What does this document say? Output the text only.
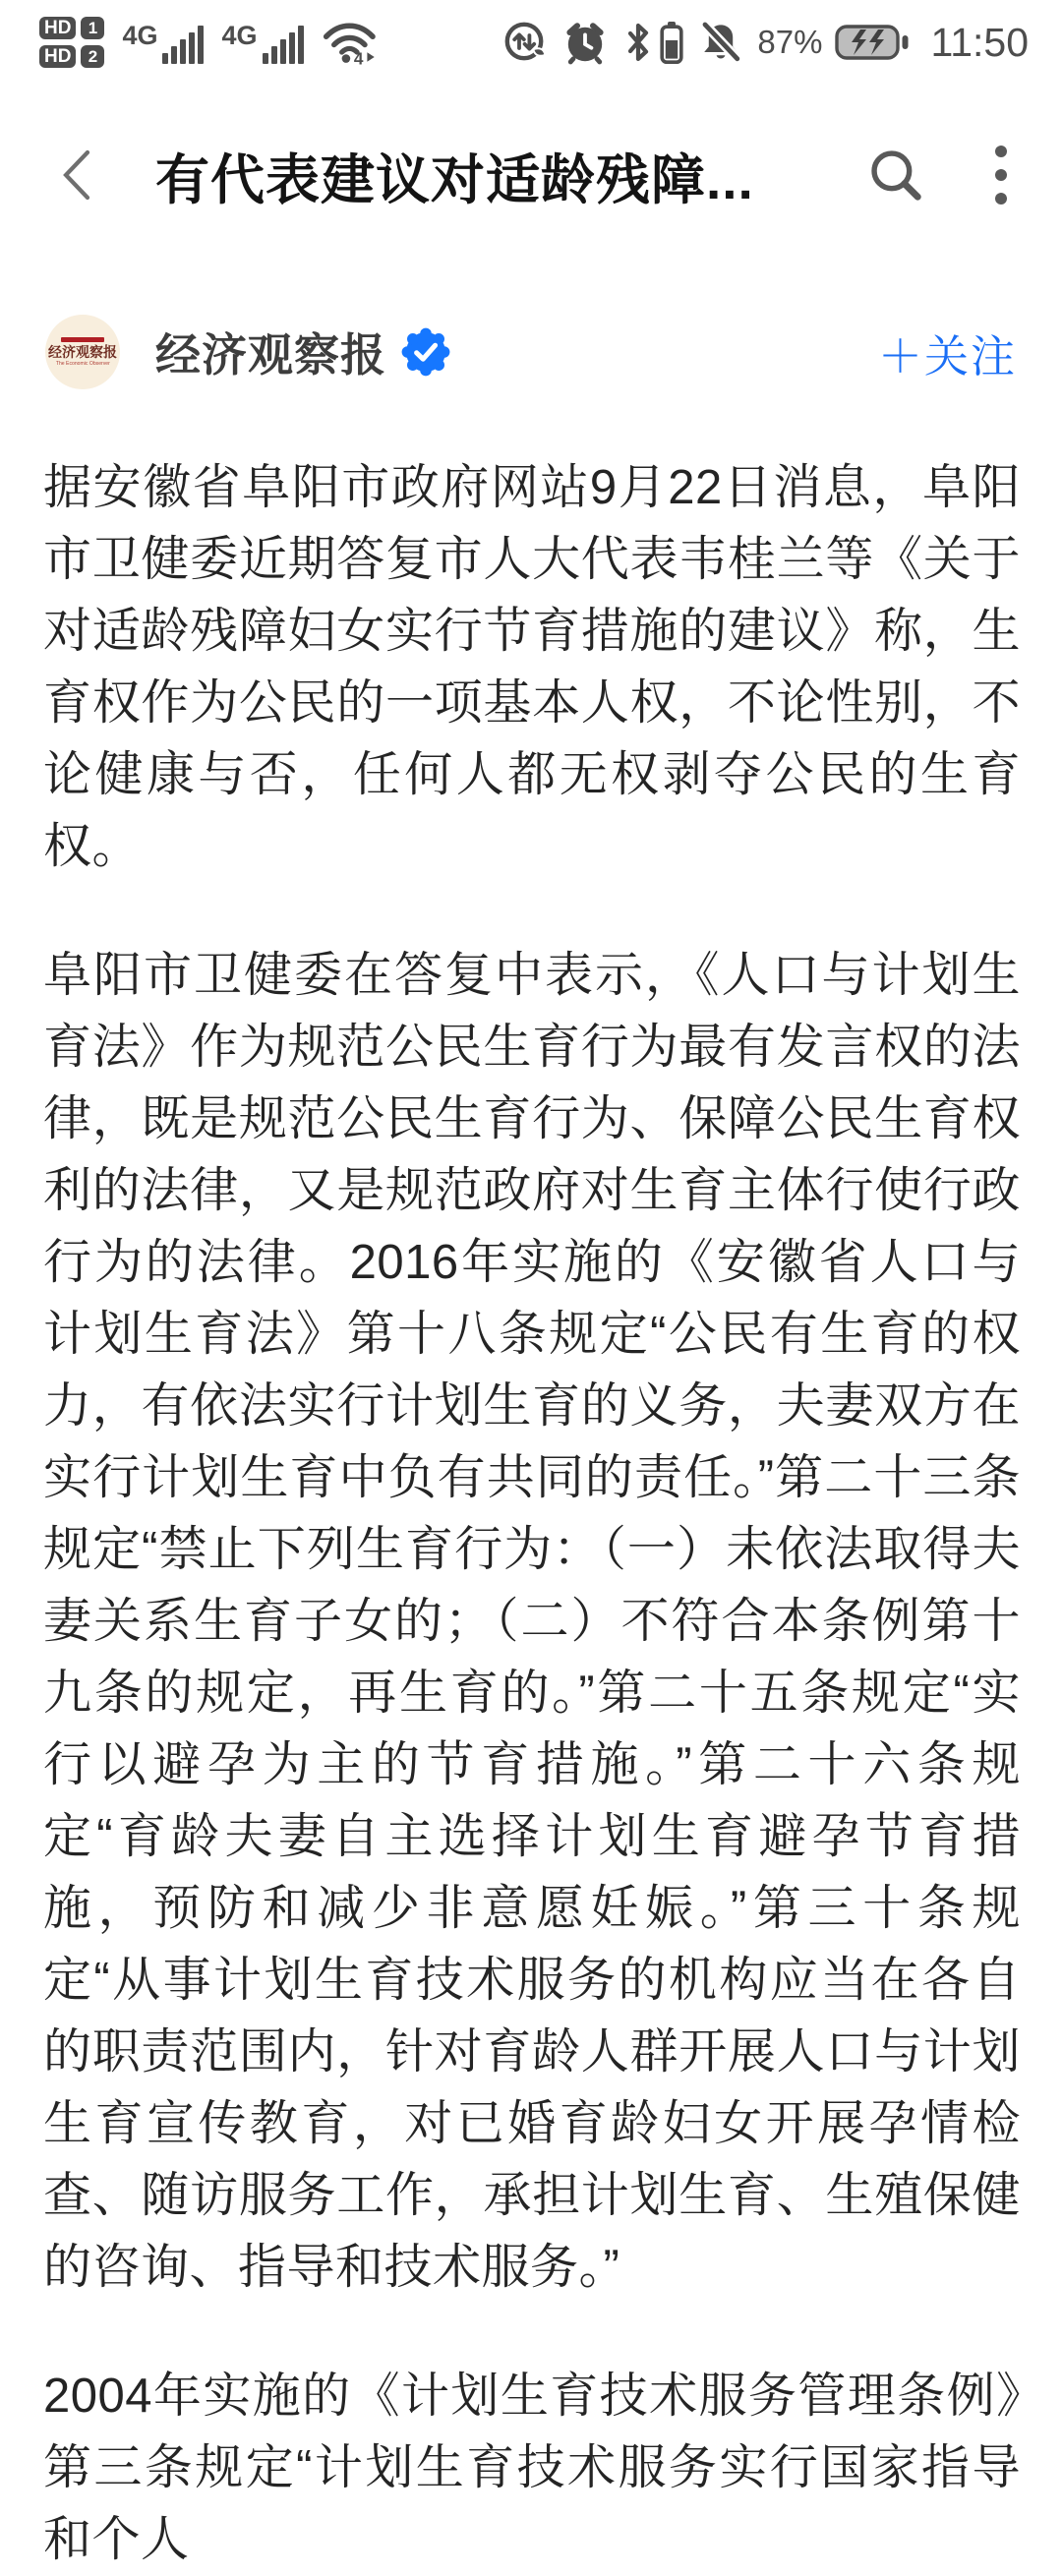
HD	1
HD	2
4G 4G
4	87%	11:50
有代表建议对适龄残障...
经济观察报
The Economic Observer 经济观察报	＋关注

据安徽省阜阳市政府网站9月22日消息，阜阳市卫健委近期答复市人大代表韦桂兰等《关于对适龄残障妇女实行节育措施的建议》称，生育权作为公民的一项基本人权，不论性别，不论健康与否，任何人都无权剥夺公民的生育权。

阜阳市卫健委在答复中表示，《人口与计划生育法》作为规范公民生育行为最有发言权的法律，既是规范公民生育行为、保障公民生育权利的法律，又是规范政府对生育主体行使行政行为的法律。2016年实施的《安徽省人口与计划生育法》第十八条规定“公民有生育的权力，有依法实行计划生育的义务，夫妻双方在实行计划生育中负有共同的责任。”第二十三条规定“禁止下列生育行为：（一）未依法取得夫妻关系生育子女的；（二）不符合本条例第十九条的规定，再生育的。”第二十五条规定“实行以避孕为主的节育措施。”第二十六条规定“育龄夫妻自主选择计划生育避孕节育措施，预防和减少非意愿妊娠。”第三十条规定“从事计划生育技术服务的机构应当在各自的职责范围内，针对育龄人群开展人口与计划生育宣传教育，对已婚育龄妇女开展孕情检查、随访服务工作，承担计划生育、生殖保健的咨询、指导和技术服务。”

2004年实施的《计划生育技术服务管理条例》第三条规定“计划生育技术服务实行国家指导和个人
